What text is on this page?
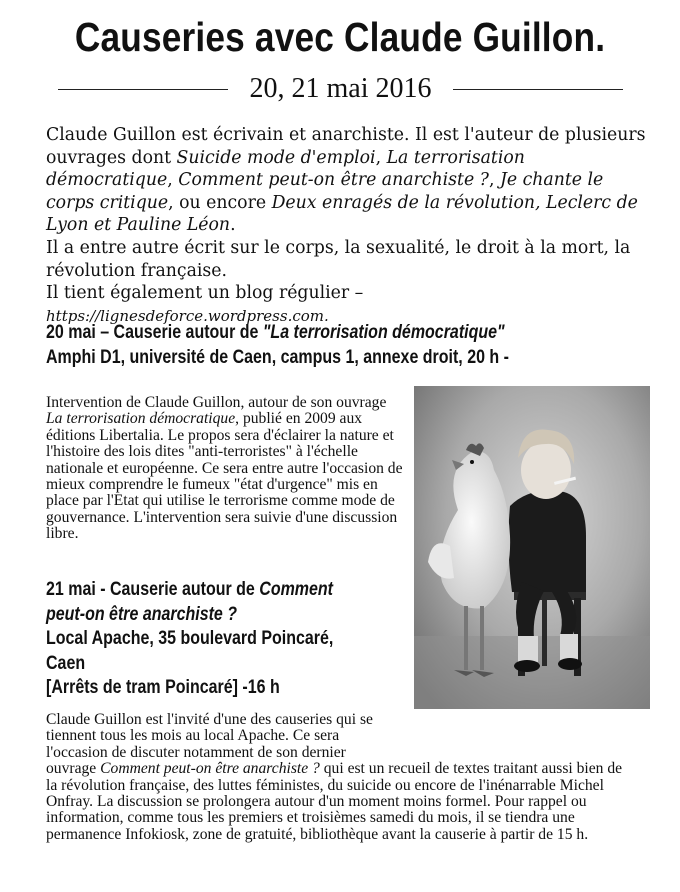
Causeries avec Claude Guillon.
20, 21 mai 2016

Claude Guillon est écrivain et anarchiste. Il est l'auteur de plusieurs ouvrages dont Suicide mode d'emploi, La terrorisation démocratique, Comment peut-on être anarchiste ?, Je chante le corps critique, ou encore Deux enragés de la révolution, Leclerc de Lyon et Pauline Léon.

Il a entre autre écrit sur le corps, la sexualité, le droit à la mort, la révolution française.

Il tient également un blog régulier – https://lignesdeforce.wordpress.com.

20 mai – Causerie autour de "La terrorisation démocratique"
Amphi D1, université de Caen, campus 1, annexe droit, 20 h -
Intervention de Claude Guillon, autour de son ouvrage La terrorisation démocratique, publié en 2009 aux éditions Libertalia. Le propos sera d'éclairer la nature et l'histoire des lois dites "anti-terroristes" à l'échelle nationale et européenne. Ce sera entre autre l'occasion de mieux comprendre le fumeux "état d'urgence" mis en place par l'Etat qui utilise le terrorisme comme mode de gouvernance. L'intervention sera suivie d'une discussion libre.
21 mai - Causerie autour de Comment
peut-on être anarchiste ?
Local Apache, 35 boulevard Poincaré,
Caen
[Arrêts de tram Poincaré] -16 h
Claude Guillon est l'invité d'une des causeries qui se tiennent tous les mois au local Apache. Ce sera l'occasion de discuter notamment de son dernier

ouvrage Comment peut-on être anarchiste ? qui est un recueil de textes traitant aussi bien de la révolution française, des luttes féministes, du suicide ou encore de l'inénarrable Michel Onfray. La discussion se prolongera autour d'un moment moins formel. Pour rappel ou information, comme tous les premiers et troisièmes samedi du mois, il se tiendra une permanence Infokiosk, zone de gratuité, bibliothèque avant la causerie à partir de 15 h.
